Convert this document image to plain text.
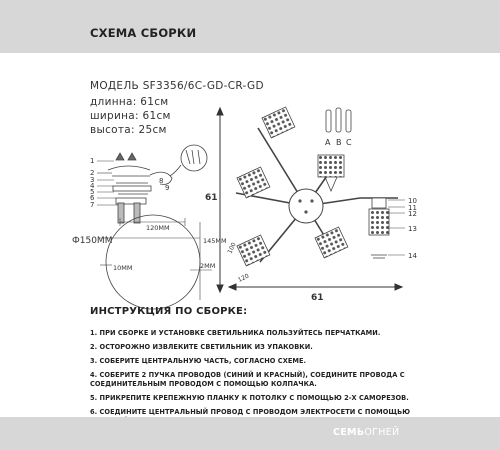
СХЕМА СБОРКИ
МОДЕЛЬ SF3356/6C-GD-CR-GD
длинна: 61см
ширина: 61см
высота: 25см
1
2
3
4
5
6
7
8
9
120MM
145MM
Ф150MM
10MM	2MM
100
120
A B C
10
11
12
13
14
61
61
ИНСТРУКЦИЯ ПО СБОРКЕ:
1. ПРИ СБОРКЕ И УСТАНОВКЕ СВЕТИЛЬНИКА ПОЛЬЗУЙТЕСЬ ПЕРЧАТКАМИ.
2. ОСТОРОЖНО ИЗВЛЕКИТЕ СВЕТИЛЬНИК ИЗ УПАКОВКИ.
3. СОБЕРИТЕ ЦЕНТРАЛЬНУЮ ЧАСТЬ, СОГЛАСНО СХЕМЕ.
4. СОБЕРИТЕ 2 ПУЧКА ПРОВОДОВ (СИНИЙ И КРАСНЫЙ), СОЕДИНИТЕ ПРОВОДА С СОЕДИНИТЕЛЬНЫМ ПРОВОДОМ С ПОМОЩЬЮ КОЛПАЧКА.
5. ПРИКРЕПИТЕ КРЕПЕЖНУЮ ПЛАНКУ К ПОТОЛКУ С ПОМОЩЬЮ 2-Х САМОРЕЗОВ.
6. СОЕДИНИТЕ ЦЕНТРАЛЬНЫЙ ПРОВОД С ПРОВОДОМ ЭЛЕКТРОСЕТИ С ПОМОЩЬЮ
СЕМЬОГНЕЙ
